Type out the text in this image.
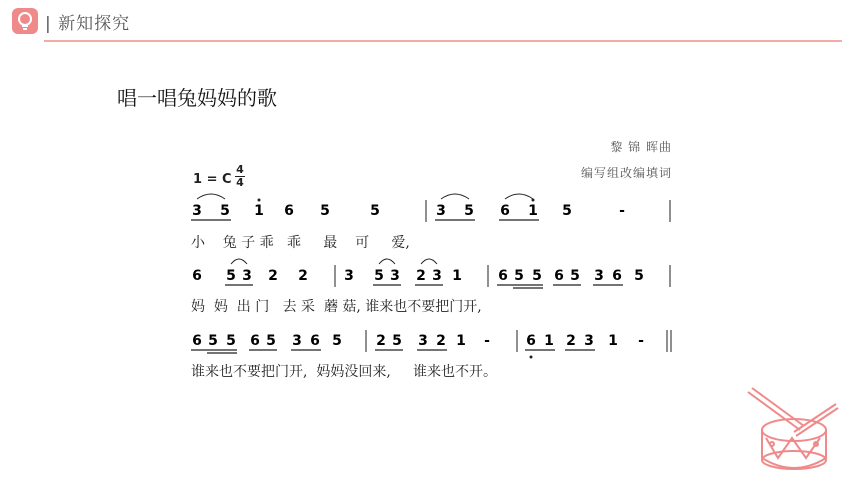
| 新知探究
唱一唱兔妈妈的歌
黎 锦 晖曲
编写组改编填词
1 = C
4
4
3 5 1 6 5	5	3 5 6 1 5	-
6 5 3 2 2	3 5 3 2 3 1	6 5 5 6 5 3 6 5
6 5 5 6 5 3 6 5 2 5 3 2 1 -	6 1 2 3 1 -
小    兔 子 乖   乖     最    可     爱,
妈  妈  出 门   去 采  蘑 菇, 谁来也不要把门开,
谁来也不要把门开,  妈妈没回来,     谁来也不开。
